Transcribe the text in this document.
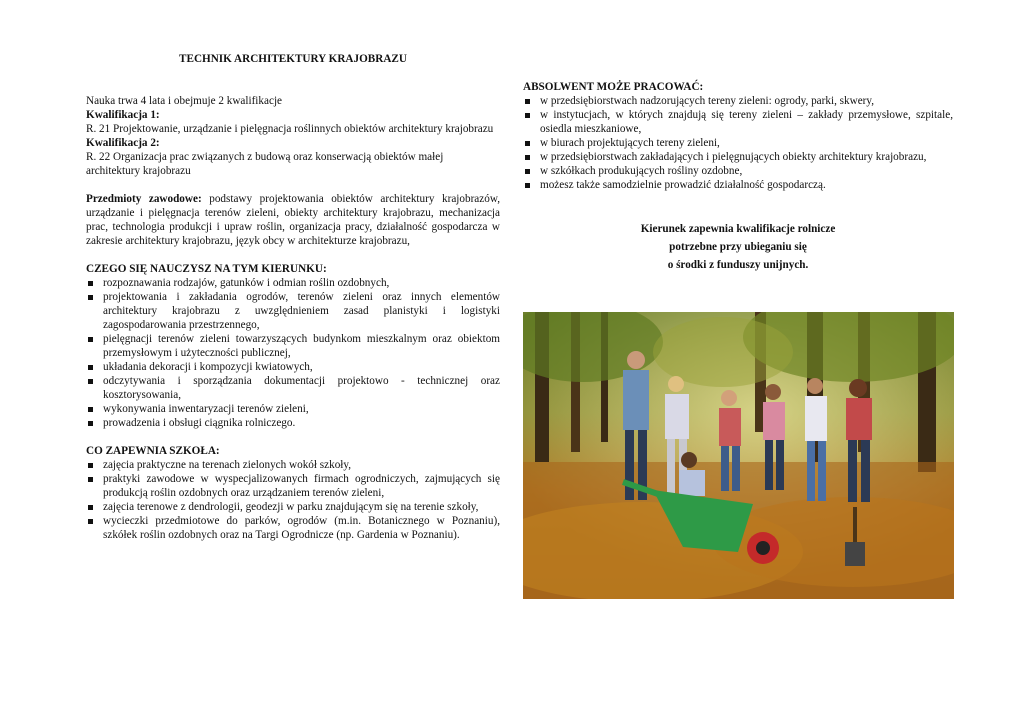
TECHNIK ARCHITEKTURY KRAJOBRAZU

Nauka trwa 4 lata i obejmuje 2 kwalifikacje

Kwalifikacja 1:

R. 21 Projektowanie, urządzanie i pielęgnacja roślinnych obiektów architektury krajobrazu

Kwalifikacja 2:

R. 22 Organizacja prac związanych z budową oraz konserwacją obiektów małej architektury krajobrazu

Przedmioty zawodowe: podstawy projektowania obiektów architektury krajobrazów, urządzanie i pielęgnacja terenów zieleni, obiekty architektury krajobrazu, mechanizacja prac, technologia produkcji i upraw roślin, organizacja pracy, działalność gospodarcza w zakresie architektury krajobrazu, język obcy w architekturze krajobrazu,

CZEGO SIĘ NAUCZYSZ NA TYM KIERUNKU:

rozpoznawania rodzajów, gatunków i odmian roślin ozdobnych,
projektowania i zakładania ogrodów, terenów zieleni oraz innych elementów architektury krajobrazu z uwzględnieniem zasad planistyki i logistyki zagospodarowania przestrzennego,
pielęgnacji terenów zieleni towarzyszących budynkom mieszkalnym oraz obiektom przemysłowym i użyteczności publicznej,
układania dekoracji i kompozycji kwiatowych,
odczytywania i sporządzania dokumentacji projektowo - technicznej oraz kosztorysowania,
wykonywania inwentaryzacji terenów zieleni,
prowadzenia i obsługi ciągnika rolniczego.

CO ZAPEWNIA SZKOŁA:

zajęcia praktyczne na terenach zielonych wokół szkoły,
praktyki zawodowe w wyspecjalizowanych firmach ogrodniczych, zajmujących się produkcją roślin ozdobnych oraz urządzaniem terenów zieleni,
zajęcia terenowe z dendrologii, geodezji w parku znajdującym się na terenie szkoły,
wycieczki przedmiotowe do parków, ogrodów (m.in. Botanicznego w Poznaniu), szkółek roślin ozdobnych oraz na Targi Ogrodnicze (np. Gardenia w Poznaniu).

ABSOLWENT MOŻE PRACOWAĆ:

w przedsiębiorstwach nadzorujących tereny zieleni: ogrody, parki, skwery,
w instytucjach, w których znajdują się tereny zieleni – zakłady przemysłowe, szpitale, osiedla mieszkaniowe,
w biurach projektujących tereny zieleni,
w przedsiębiorstwach zakładających i pielęgnujących obiekty architektury krajobrazu,
w szkółkach produkujących rośliny ozdobne,
możesz także samodzielnie prowadzić działalność gospodarczą.
Kierunek zapewnia kwalifikacje rolnicze
potrzebne przy ubieganiu się
o środki z funduszy unijnych.
